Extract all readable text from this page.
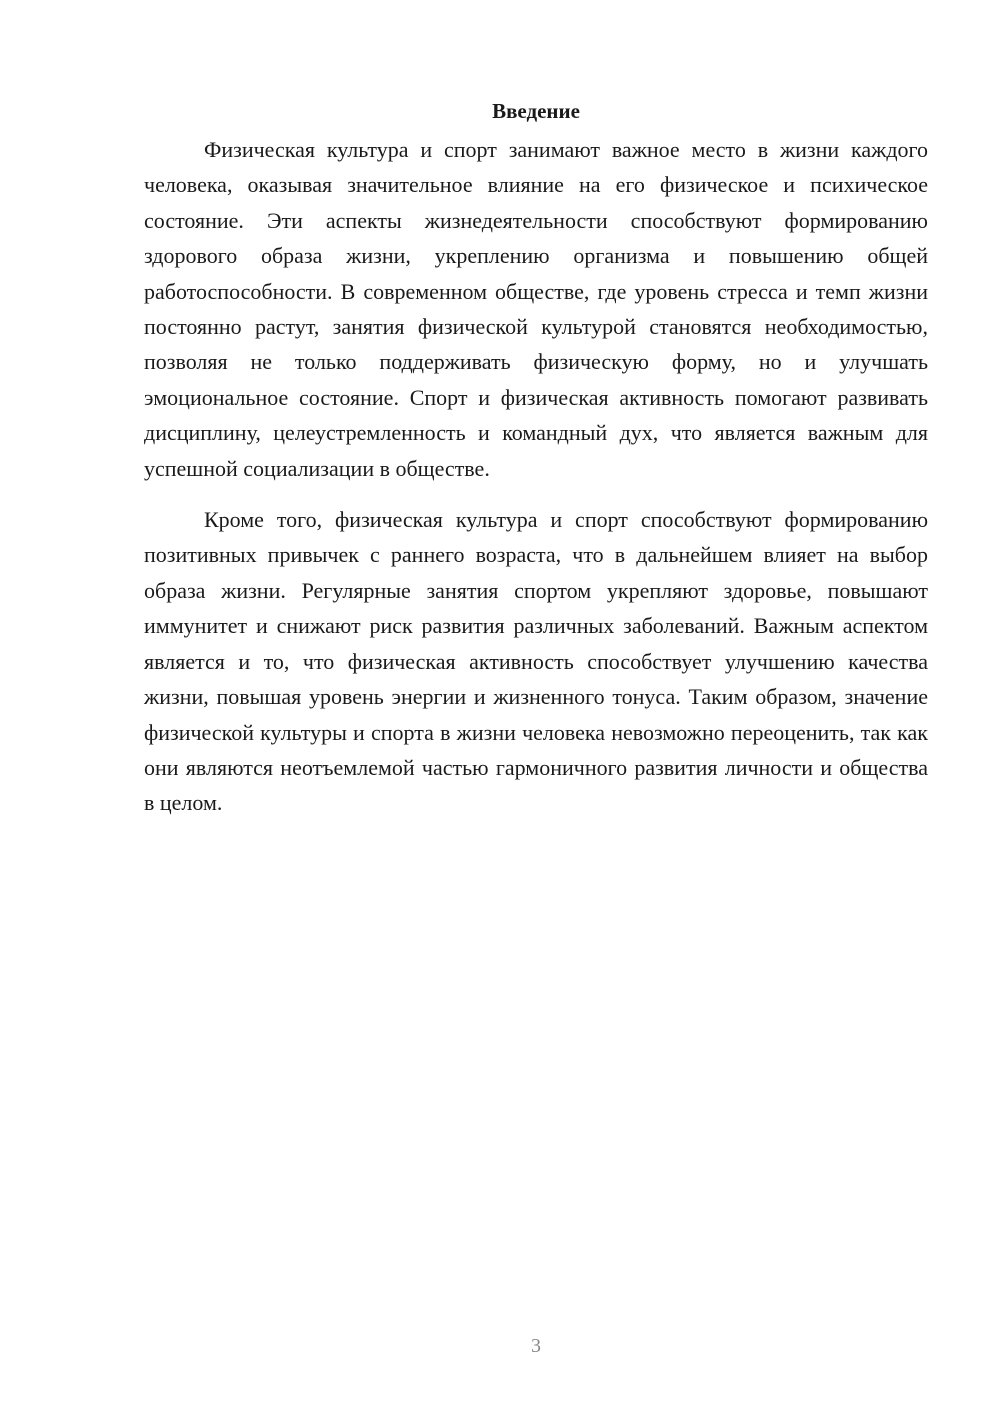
Введение

Физическая культура и спорт занимают важное место в жизни каждого человека, оказывая значительное влияние на его физическое и психическое состояние. Эти аспекты жизнедеятельности способствуют формированию здорового образа жизни, укреплению организма и повышению общей работоспособности. В современном обществе, где уровень стресса и темп жизни постоянно растут, занятия физической культурой становятся необходимостью, позволяя не только поддерживать физическую форму, но и улучшать эмоциональное состояние. Спорт и физическая активность помогают развивать дисциплину, целеустремленность и командный дух, что является важным для успешной социализации в обществе.

Кроме того, физическая культура и спорт способствуют формированию позитивных привычек с раннего возраста, что в дальнейшем влияет на выбор образа жизни. Регулярные занятия спортом укрепляют здоровье, повышают иммунитет и снижают риск развития различных заболеваний. Важным аспектом является и то, что физическая активность способствует улучшению качества жизни, повышая уровень энергии и жизненного тонуса. Таким образом, значение физической культуры и спорта в жизни человека невозможно переоценить, так как они являются неотъемлемой частью гармоничного развития личности и общества в целом.

3
